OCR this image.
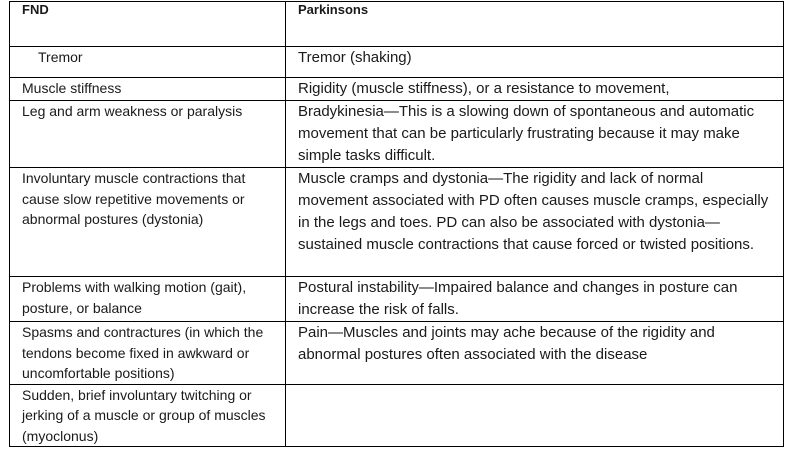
FND	Parkinsons
Tremor	Tremor (shaking)
Muscle stiffness	Rigidity (muscle stiffness), or a resistance to movement,
Leg and arm weakness or paralysis	Bradykinesia—This is a slowing down of spontaneous and automatic movement that can be particularly frustrating because it may make simple tasks difficult.
Involuntary muscle contractions that cause slow repetitive movements or abnormal postures (dystonia)	Muscle cramps and dystonia—The rigidity and lack of normal movement associated with PD often causes muscle cramps, especially in the legs and toes. PD can also be associated with dystonia—sustained muscle contractions that cause forced or twisted positions.
Problems with walking motion (gait), posture, or balance	Postural instability—Impaired balance and changes in posture can increase the risk of falls.
Spasms and contractures (in which the tendons become fixed in awkward or uncomfortable positions)	Pain—Muscles and joints may ache because of the rigidity and abnormal postures often associated with the disease
Sudden, brief involuntary twitching or jerking of a muscle or group of muscles (myoclonus)	
